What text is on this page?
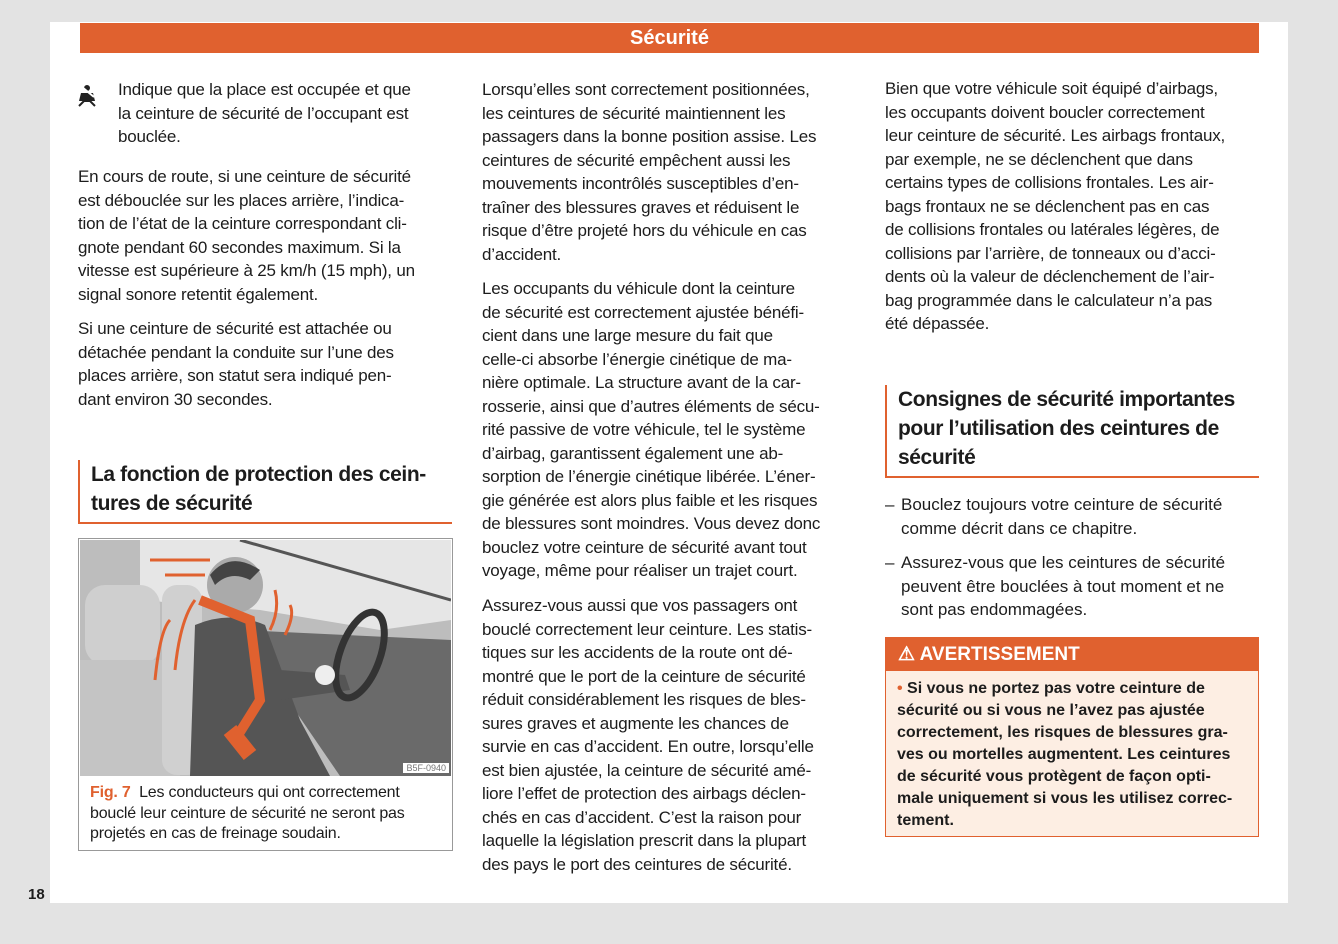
Sécurité
Indique que la place est occupée et que
la ceinture de sécurité de l’occupant est
bouclée.
En cours de route, si une ceinture de sécurité
est débouclée sur les places arrière, l’indica-
tion de l’état de la ceinture correspondant cli-
gnote pendant 60 secondes maximum. Si la
vitesse est supérieure à 25 km/h (15 mph), un
signal sonore retentit également.
Si une ceinture de sécurité est attachée ou
détachée pendant la conduite sur l’une des
places arrière, son statut sera indiqué pen-
dant environ 30 secondes.
La fonction de protection des cein-
tures de sécurité
B5F-0940
Fig. 7  Les conducteurs qui ont correctement
bouclé leur ceinture de sécurité ne seront pas
projetés en cas de freinage soudain.
Lorsqu’elles sont correctement positionnées,
les ceintures de sécurité maintiennent les
passagers dans la bonne position assise. Les
ceintures de sécurité empêchent aussi les
mouvements incontrôlés susceptibles d’en-
traîner des blessures graves et réduisent le
risque d’être projeté hors du véhicule en cas
d’accident.
Les occupants du véhicule dont la ceinture
de sécurité est correctement ajustée bénéfi-
cient dans une large mesure du fait que
celle-ci absorbe l’énergie cinétique de ma-
nière optimale. La structure avant de la car-
rosserie, ainsi que d’autres éléments de sécu-
rité passive de votre véhicule, tel le système
d’airbag, garantissent également une ab-
sorption de l’énergie cinétique libérée. L’éner-
gie générée est alors plus faible et les risques
de blessures sont moindres. Vous devez donc
bouclez votre ceinture de sécurité avant tout
voyage, même pour réaliser un trajet court.
Assurez-vous aussi que vos passagers ont
bouclé correctement leur ceinture. Les statis-
tiques sur les accidents de la route ont dé-
montré que le port de la ceinture de sécurité
réduit considérablement les risques de bles-
sures graves et augmente les chances de
survie en cas d’accident. En outre, lorsqu’elle
est bien ajustée, la ceinture de sécurité amé-
liore l’effet de protection des airbags déclen-
chés en cas d’accident. C’est la raison pour
laquelle la législation prescrit dans la plupart
des pays le port des ceintures de sécurité.
Bien que votre véhicule soit équipé d’airbags,
les occupants doivent boucler correctement
leur ceinture de sécurité. Les airbags frontaux,
par exemple, ne se déclenchent que dans
certains types de collisions frontales. Les air-
bags frontaux ne se déclenchent pas en cas
de collisions frontales ou latérales légères, de
collisions par l’arrière, de tonneaux ou d’acci-
dents où la valeur de déclenchement de l’air-
bag programmée dans le calculateur n’a pas
été dépassée.
Consignes de sécurité importantes
pour l’utilisation des ceintures de
sécurité
– Bouclez toujours votre ceinture de sécurité
comme décrit dans ce chapitre.
– Assurez-vous que les ceintures de sécurité
peuvent être bouclées à tout moment et ne
sont pas endommagées.
⚠ AVERTISSEMENT
• Si vous ne portez pas votre ceinture de
sécurité ou si vous ne l’avez pas ajustée
correctement, les risques de blessures gra-
ves ou mortelles augmentent. Les ceintures
de sécurité vous protègent de façon opti-
male uniquement si vous les utilisez correc-
tement.
18
